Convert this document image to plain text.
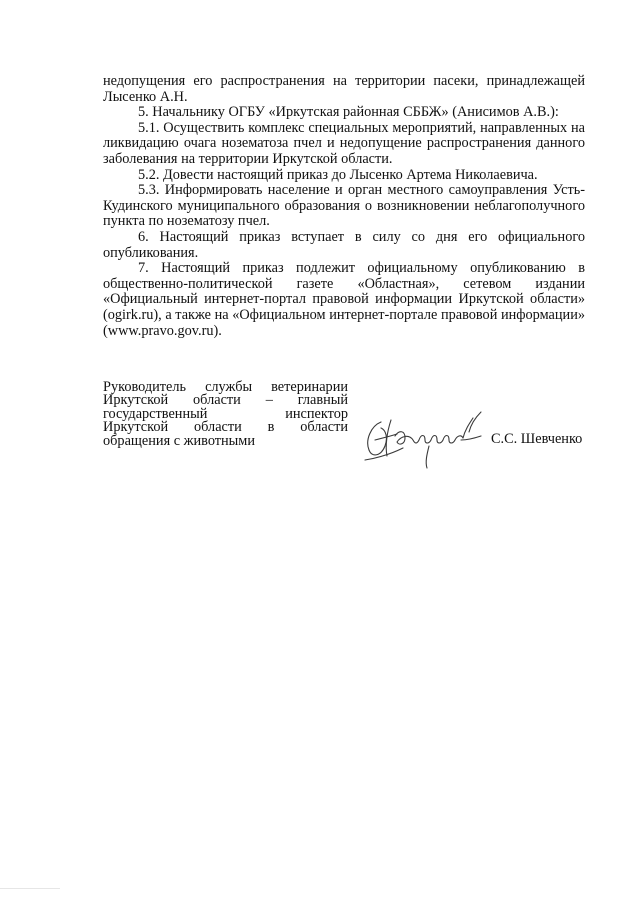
недопущения его распространения на территории пасеки, принадлежащей Лысенко А.Н.

5. Начальнику ОГБУ «Иркутская районная СББЖ» (Анисимов А.В.):

5.1. Осуществить комплекс специальных мероприятий, направленных на ликвидацию очага нозематоза пчел и недопущение распространения данного заболевания на территории Иркутской области.

5.2. Довести настоящий приказ до Лысенко Артема Николаевича.

5.3. Информировать население и орган местного самоуправления Усть-Кудинского муниципального образования о возникновении неблагополучного пункта по нозематозу пчел.

6. Настоящий приказ вступает в силу со дня его официального опубликования.

7. Настоящий приказ подлежит официальному опубликованию в общественно-политической газете «Областная», сетевом издании «Официальный интернет-портал правовой информации Иркутской области» (ogirk.ru), а также на «Официальном интернет-портале правовой информации» (www.pravo.gov.ru).

Руководитель службы ветеринарии
Иркутской области – главный
государственный инспектор
Иркутской области в области
обращения с животными	С.С. Шевченко
